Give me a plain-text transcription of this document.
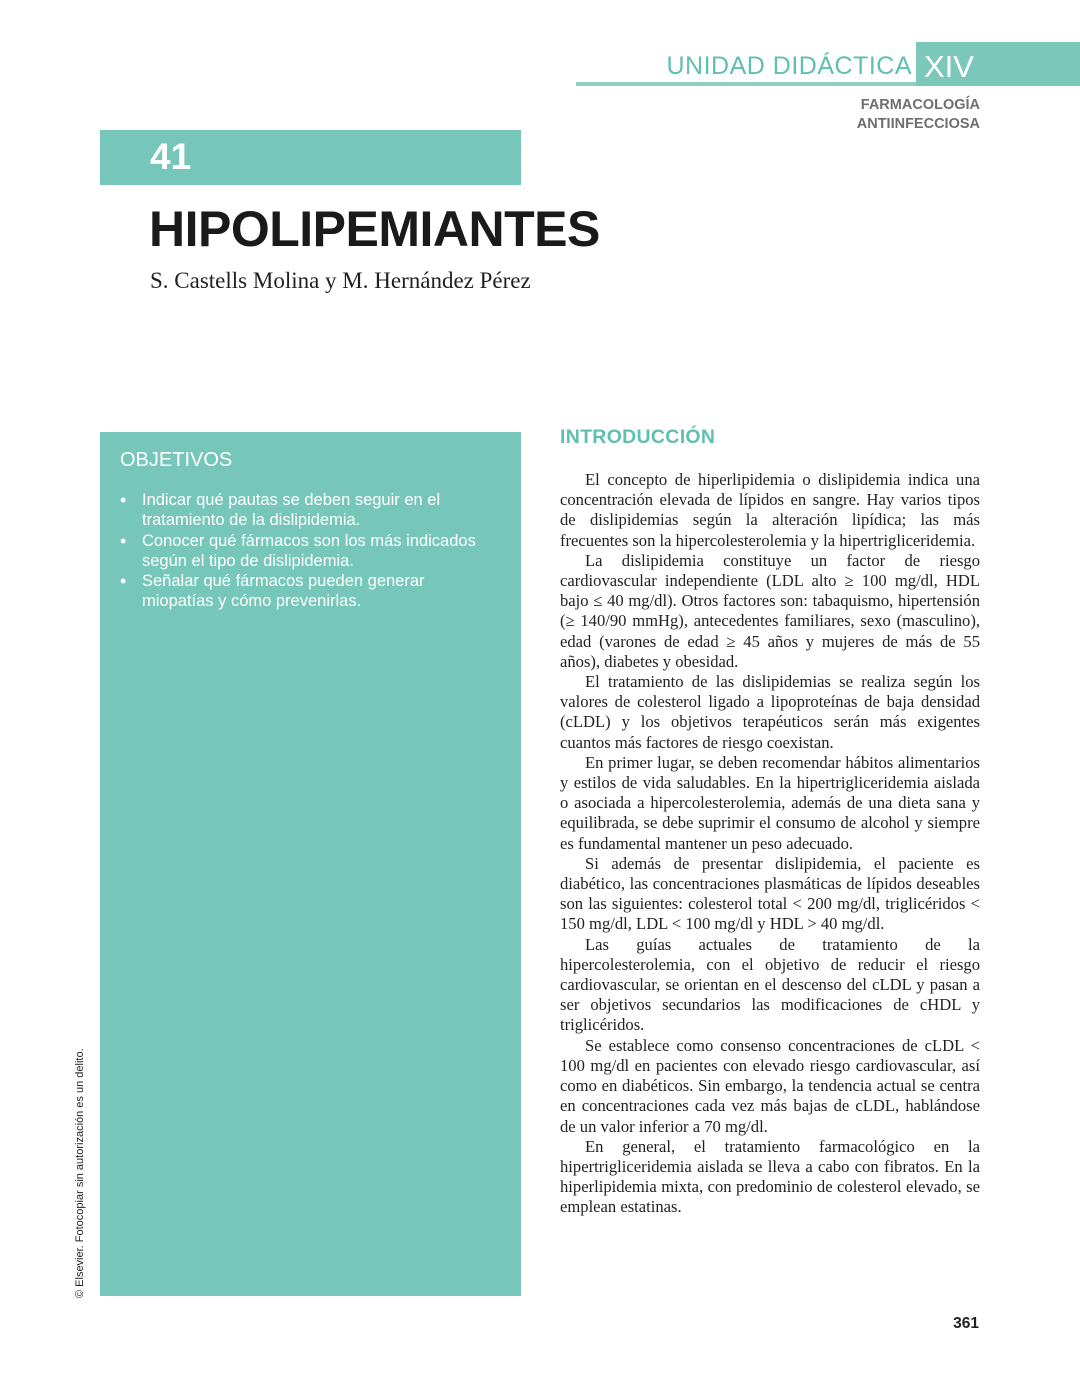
UNIDAD DIDÁCTICA XIV
FARMACOLOGÍA
ANTIINFECCIOSA
41
HIPOLIPEMIANTES
S. Castells Molina y M. Hernández Pérez
OBJETIVOS
• Indicar qué pautas se deben seguir en el tratamiento de la dislipidemia.
• Conocer qué fármacos son los más indicados según el tipo de dislipidemia.
• Señalar qué fármacos pueden generar miopatías y cómo prevenirlas.
© Elsevier. Fotocopiar sin autorización es un delito.
INTRODUCCIÓN

El concepto de hiperlipidemia o dislipidemia indica una concentración elevada de lípidos en sangre. Hay varios tipos de dislipidemias según la alteración lipídica; las más frecuentes son la hipercolesterolemia y la hipertrigliceridemia.

La dislipidemia constituye un factor de riesgo cardiovascular independiente (LDL alto ≥ 100 mg/dl, HDL bajo ≤ 40 mg/dl). Otros factores son: tabaquismo, hipertensión (≥ 140/90 mmHg), antecedentes familiares, sexo (masculino), edad (varones de edad ≥ 45 años y mujeres de más de 55 años), diabetes y obesidad.

El tratamiento de las dislipidemias se realiza según los valores de colesterol ligado a lipoproteínas de baja densidad (cLDL) y los objetivos terapéuticos serán más exigentes cuantos más factores de riesgo coexistan.

En primer lugar, se deben recomendar hábitos alimentarios y estilos de vida saludables. En la hipertrigliceridemia aislada o asociada a hipercolesterolemia, además de una dieta sana y equilibrada, se debe suprimir el consumo de alcohol y siempre es fundamental mantener un peso adecuado.

Si además de presentar dislipidemia, el paciente es diabético, las concentraciones plasmáticas de lípidos deseables son las siguientes: colesterol total < 200 mg/dl, triglicéridos < 150 mg/dl, LDL < 100 mg/dl y HDL > 40 mg/dl.

Las guías actuales de tratamiento de la hipercolesterolemia, con el objetivo de reducir el riesgo cardiovascular, se orientan en el descenso del cLDL y pasan a ser objetivos secundarios las modificaciones de cHDL y triglicéridos.

Se establece como consenso concentraciones de cLDL < 100 mg/dl en pacientes con elevado riesgo cardiovascular, así como en diabéticos. Sin embargo, la tendencia actual se centra en concentraciones cada vez más bajas de cLDL, hablándose de un valor inferior a 70 mg/dl.

En general, el tratamiento farmacológico en la hipertrigliceridemia aislada se lleva a cabo con fibratos. En la hiperlipidemia mixta, con predominio de colesterol elevado, se emplean estatinas.

361
